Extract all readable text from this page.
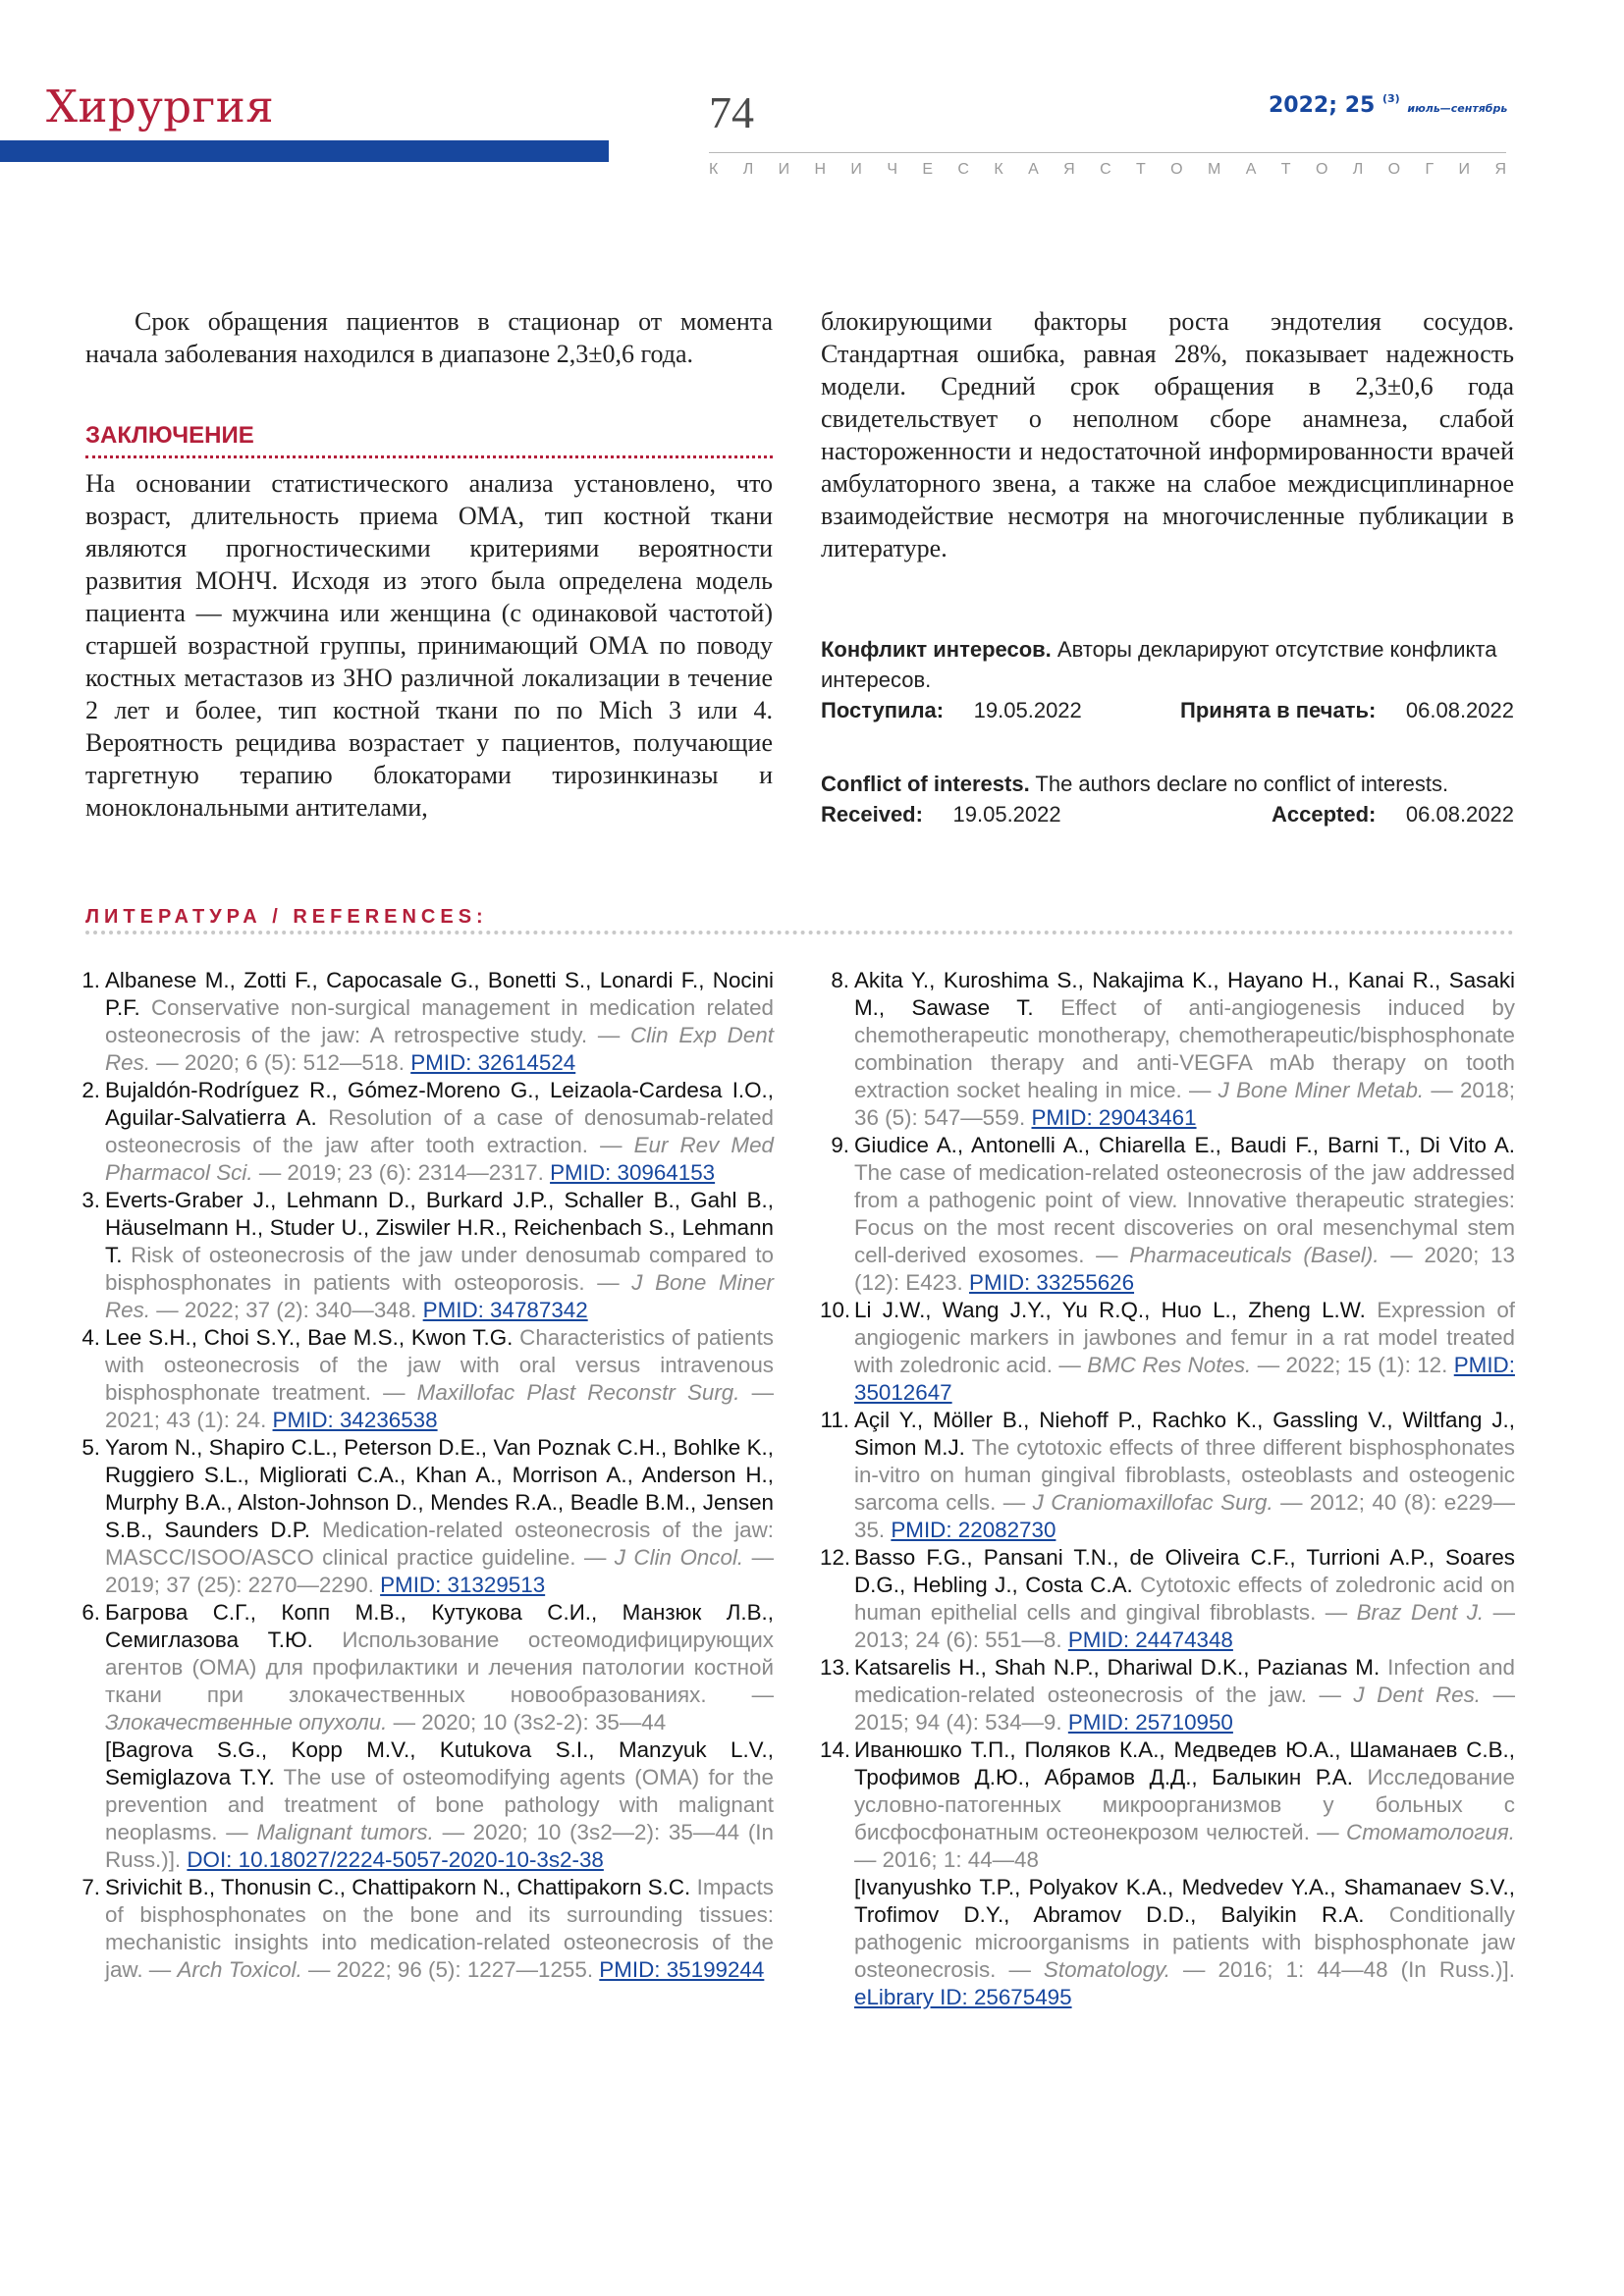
Хирургия	74	2022; 25 $^{(3)}$ июль—сентябрь
К Л И Н И Ч Е С К А Я С Т О М А Т О Л О Г И Я

Срок обращения пациентов в стационар от момента начала заболевания находился в диапазоне 2,3±0,6 года.

ЗАКЛЮЧЕНИЕ

На основании статистического анализа установлено, что возраст, длительность приема ОМА, тип костной ткани являются прогностическими критериями вероятности развития МОНЧ. Исходя из этого была определена модель пациента — мужчина или женщина (с одинаковой частотой) старшей возрастной группы, принимающий ОМА по поводу костных метастазов из ЗНО различной локализации в течение 2 лет и более, тип костной ткани по по Mich 3 или 4. Вероятность рецидива возрастает у пациентов, получающие таргетную терапию блокаторами тирозинкиназы и моноклональными антителами,

блокирующими факторы роста эндотелия сосудов. Стандартная ошибка, равная 28%, показывает надежность модели. Средний срок обращения в 2,3±0,6 года свидетельствует о неполном сборе анамнеза, слабой настороженности и недостаточной информированности врачей амбулаторного звена, а также на слабое междисциплинарное взаимодействие несмотря на многочисленные публикации в литературе.

Конфликт интересов. Авторы декларируют отсутствие конфликта интересов.
Поступила: 19.05.2022	Принята в печать: 06.08.2022
Conflict of interests. The authors declare no conflict of interests.
Received: 19.05.2022	Accepted: 06.08.2022
ЛИТЕРАТУРА / REFERENCES:
1. Albanese M., Zotti F., Capocasale G., Bonetti S., Lonardi F., Nocini P.F. Conservative non-surgical management in medication related osteonecrosis of the jaw: A retrospective study. — Clin Exp Dent Res. — 2020; 6 (5): 512—518. PMID: 32614524
2. Bujaldón-Rodríguez R., Gómez-Moreno G., Leizaola-Cardesa I.O., Aguilar-Salvatierra A. Resolution of a case of denosumab-related osteonecrosis of the jaw after tooth extraction. — Eur Rev Med Pharmacol Sci. — 2019; 23 (6): 2314—2317. PMID: 30964153
3. Everts-Graber J., Lehmann D., Burkard J.P., Schaller B., Gahl B., Häuselmann H., Studer U., Ziswiler H.R., Reichenbach S., Lehmann T. Risk of osteonecrosis of the jaw under denosumab compared to bisphosphonates in patients with osteoporosis. — J Bone Miner Res. — 2022; 37 (2): 340—348. PMID: 34787342
4. Lee S.H., Choi S.Y., Bae M.S., Kwon T.G. Characteristics of patients with osteonecrosis of the jaw with oral versus intravenous bisphosphonate treatment. — Maxillofac Plast Reconstr Surg. — 2021; 43 (1): 24. PMID: 34236538
5. Yarom N., Shapiro C.L., Peterson D.E., Van Poznak C.H., Bohlke K., Ruggiero S.L., Migliorati C.A., Khan A., Morrison A., Anderson H., Murphy B.A., Alston-Johnson D., Mendes R.A., Beadle B.M., Jensen S.B., Saunders D.P. Medication-related osteonecrosis of the jaw: MASCC/ISOO/ASCO clinical practice guideline. — J Clin Oncol. — 2019; 37 (25): 2270—2290. PMID: 31329513
6. Багрова С.Г., Копп М.В., Кутукова С.И., Манзюк Л.В., Семиглазова Т.Ю. Использование остеомодифицирующих агентов (ОМА) для профилактики и лечения патологии костной ткани при злокачественных новообразованиях. — Злокачественные опухоли. — 2020; 10 (3s2-2): 35—44
[Bagrova S.G., Kopp M.V., Kutukova S.I., Manzyuk L.V., Semiglazova T.Y. The use of osteomodifying agents (OMA) for the prevention and treatment of bone pathology with malignant neoplasms. — Malignant tumors. — 2020; 10 (3s2—2): 35—44 (In Russ.)]. DOI: 10.18027/2224-5057-2020-10-3s2-38
7. Srivichit B., Thonusin C., Chattipakorn N., Chattipakorn S.C. Impacts of bisphosphonates on the bone and its surrounding tissues: mechanistic insights into medication-related osteonecrosis of the jaw. — Arch Toxicol. — 2022; 96 (5): 1227—1255. PMID: 35199244
8. Akita Y., Kuroshima S., Nakajima K., Hayano H., Kanai R., Sasaki M., Sawase T. Effect of anti-angiogenesis induced by chemotherapeutic monotherapy, chemotherapeutic/bisphosphonate combination therapy and anti-VEGFA mAb therapy on tooth extraction socket healing in mice. — J Bone Miner Metab. — 2018; 36 (5): 547—559. PMID: 29043461
9. Giudice A., Antonelli A., Chiarella E., Baudi F., Barni T., Di Vito A. The case of medication-related osteonecrosis of the jaw addressed from a pathogenic point of view. Innovative therapeutic strategies: Focus on the most recent discoveries on oral mesenchymal stem cell-derived exosomes. — Pharmaceuticals (Basel). — 2020; 13 (12): E423. PMID: 33255626
10. Li J.W., Wang J.Y., Yu R.Q., Huo L., Zheng L.W. Expression of angiogenic markers in jawbones and femur in a rat model treated with zoledronic acid. — BMC Res Notes. — 2022; 15 (1): 12. PMID: 35012647
11. Açil Y., Möller B., Niehoff P., Rachko K., Gassling V., Wiltfang J., Simon M.J. The cytotoxic effects of three different bisphosphonates in-vitro on human gingival fibroblasts, osteoblasts and osteogenic sarcoma cells. — J Craniomaxillofac Surg. — 2012; 40 (8): e229—35. PMID: 22082730
12. Basso F.G., Pansani T.N., de Oliveira C.F., Turrioni A.P., Soares D.G., Hebling J., Costa C.A. Cytotoxic effects of zoledronic acid on human epithelial cells and gingival fibroblasts. — Braz Dent J. — 2013; 24 (6): 551—8. PMID: 24474348
13. Katsarelis H., Shah N.P., Dhariwal D.K., Pazianas M. Infection and medication-related osteonecrosis of the jaw. — J Dent Res. — 2015; 94 (4): 534—9. PMID: 25710950
14. Иванюшко Т.П., Поляков К.А., Медведев Ю.А., Шаманаев С.В., Трофимов Д.Ю., Абрамов Д.Д., Балыкин Р.А. Исследование условно-патогенных микроорганизмов у больных с бисфосфонатным остеонекрозом челюстей. — Стоматология. — 2016; 1: 44—48
[Ivanyushko T.P., Polyakov K.A., Medvedev Y.A., Shamanaev S.V., Trofimov D.Y., Abramov D.D., Balyikin R.A. Conditionally pathogenic microorganisms in patients with bisphosphonate jaw osteonecrosis. — Stomatology. — 2016; 1: 44—48 (In Russ.)]. eLibrary ID: 25675495
